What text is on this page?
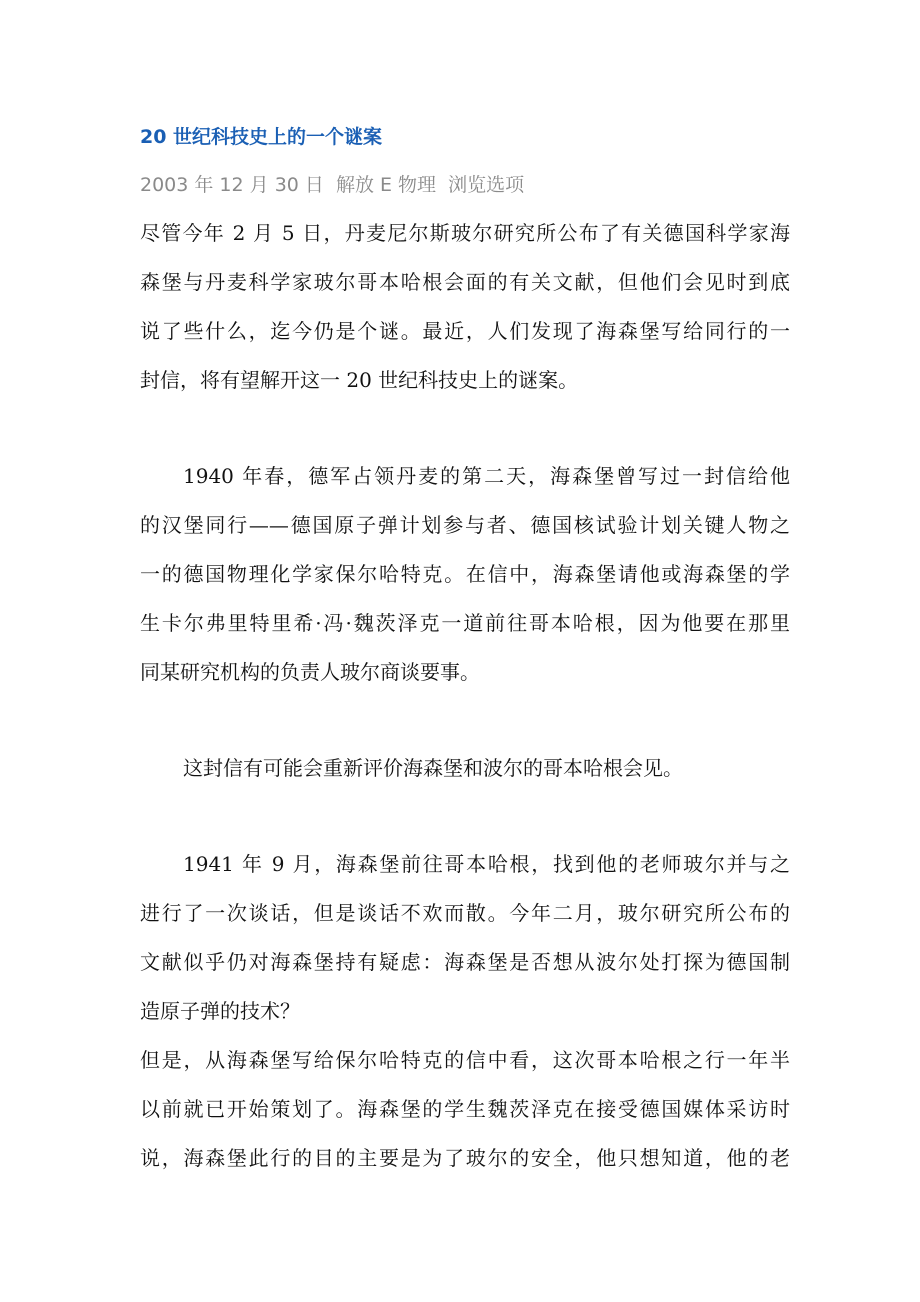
20 世纪科技史上的一个谜案
2003 年 12 月 30 日 解放 E 物理 浏览选项
尽管今年 2 月 5 日，丹麦尼尔斯玻尔研究所公布了有关德国科学家海
森堡与丹麦科学家玻尔哥本哈根会面的有关文献，但他们会见时到底
说了些什么，迄今仍是个谜。最近，人们发现了海森堡写给同行的一
封信，将有望解开这一 20 世纪科技史上的谜案。
1940 年春，德军占领丹麦的第二天，海森堡曾写过一封信给他
的汉堡同行——德国原子弹计划参与者、德国核试验计划关键人物之
一的德国物理化学家保尔哈特克。在信中，海森堡请他或海森堡的学
生卡尔弗里特里希·冯·魏茨泽克一道前往哥本哈根，因为他要在那里
同某研究机构的负责人玻尔商谈要事。
这封信有可能会重新评价海森堡和波尔的哥本哈根会见。
1941 年 9 月，海森堡前往哥本哈根，找到他的老师玻尔并与之
进行了一次谈话，但是谈话不欢而散。今年二月，玻尔研究所公布的
文献似乎仍对海森堡持有疑虑：海森堡是否想从波尔处打探为德国制
造原子弹的技术？
但是，从海森堡写给保尔哈特克的信中看，这次哥本哈根之行一年半
以前就已开始策划了。海森堡的学生魏茨泽克在接受德国媒体采访时
说，海森堡此行的目的主要是为了玻尔的安全，他只想知道，他的老
